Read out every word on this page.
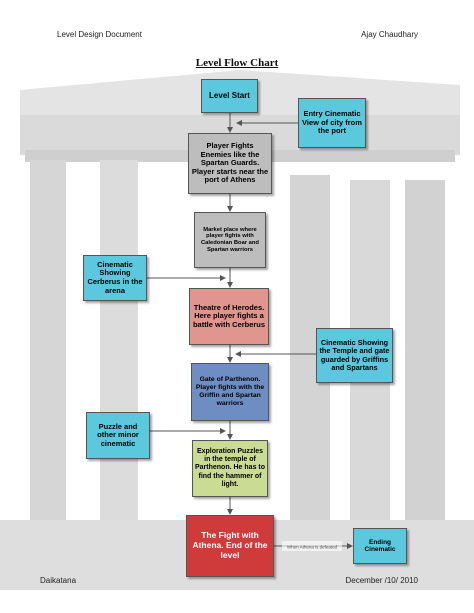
Level Design Document	Ajay Chaudhary
Level Flow Chart
When Athena is defeated
Level Start
Entry Cinematic View of city from the port
Player Fights Enemies like the Spartan Guards. Player starts near the port of Athens
Market place where player fights with Caledonian Boar and Spartan warriors
Cinematic Showing Cerberus in the arena
Theatre of Herodes. Here player fights a battle with Cerberus
Cinematic Showing the Temple and gate guarded by Griffins and Spartans
Gate of Parthenon. Player fights with the Griffin and Spartan warriors
Puzzle and other minor cinematic
Exploration Puzzles in the temple of Parthenon. He has to find the hammer of light.
The Fight with Athena. End of the level
Ending Cinematic
Daikatana	December /10/ 2010
